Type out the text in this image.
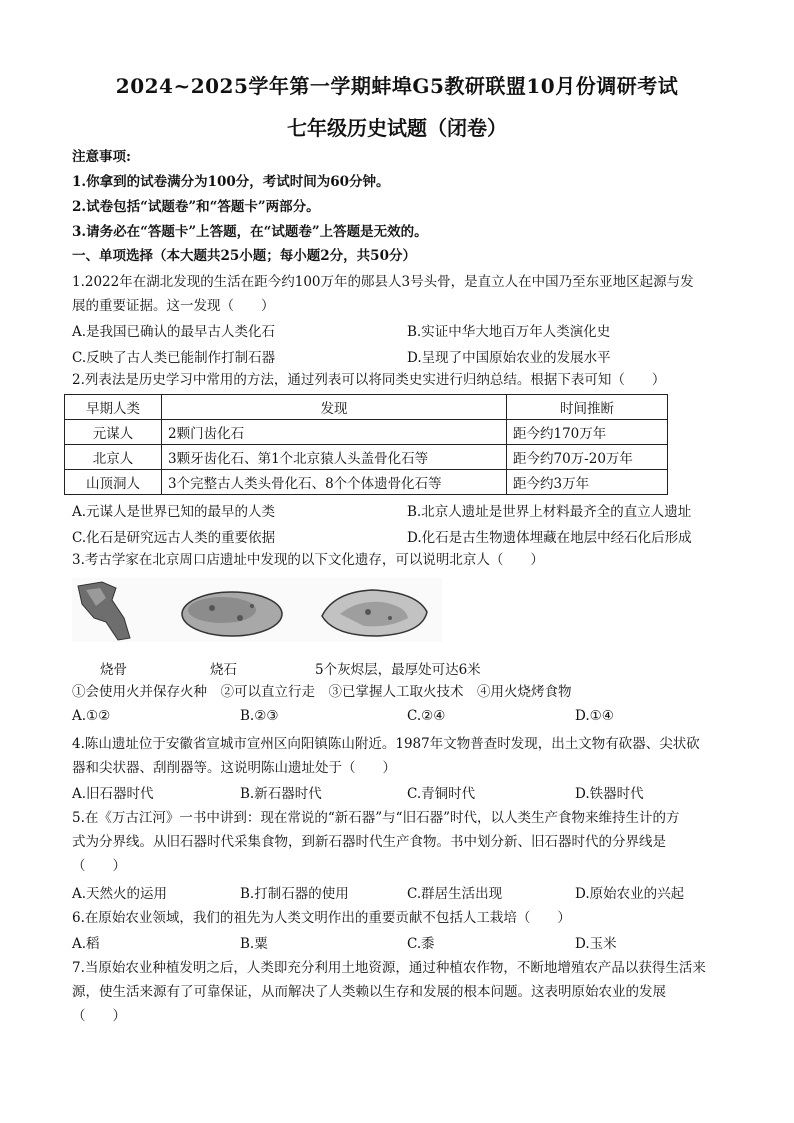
2024~2025学年第一学期蚌埠G5教研联盟10月份调研考试
七年级历史试题（闭卷）
注意事项:
1.你拿到的试卷满分为100分，考试时间为60分钟。
2.试卷包括“试题卷”和“答题卡”两部分。
3.请务必在“答题卡”上答题，在“试题卷”上答题是无效的。
一、单项选择（本大题共25小题；每小题2分，共50分）
1.2022年在湖北发现的生活在距今约100万年的郧县人3号头骨，是直立人在中国乃至东亚地区起源与发
展的重要证据。这一发现（　　）
A.是我国已确认的最早古人类化石	B.实证中华大地百万年人类演化史
C.反映了古人类已能制作打制石器	D.呈现了中国原始农业的发展水平
2.列表法是历史学习中常用的方法，通过列表可以将同类史实进行归纳总结。根据下表可知（　　）
早期人类	发现	时间推断
元谋人	2颗门齿化石	距今约170万年
北京人	3颗牙齿化石、第1个北京猿人头盖骨化石等	距今约70万-20万年
山顶洞人	3个完整古人类头骨化石、8个个体遗骨化石等	距今约3万年
A.元谋人是世界已知的最早的人类	B.北京人遗址是世界上材料最齐全的直立人遗址
C.化石是研究远古人类的重要依据	D.化石是古生物遗体埋藏在地层中经石化后形成
3.考古学家在北京周口店遗址中发现的以下文化遗存，可以说明北京人（　　）
烧骨	烧石	5个灰烬层，最厚处可达6米
①会使用火并保存火种　②可以直立行走　③已掌握人工取火技术　④用火烧烤食物
A.①②	B.②③	C.②④	D.①④
4.陈山遗址位于安徽省宣城市宣州区向阳镇陈山附近。1987年文物普查时发现，出土文物有砍器、尖状砍
器和尖状器、刮削器等。这说明陈山遗址处于（　　）
A.旧石器时代	B.新石器时代	C.青铜时代	D.铁器时代
5.在《万古江河》一书中讲到：现在常说的“新石器”与“旧石器”时代，以人类生产食物来维持生计的方
式为分界线。从旧石器时代采集食物，到新石器时代生产食物。书中划分新、旧石器时代的分界线是
（　　）
A.天然火的运用	B.打制石器的使用	C.群居生活出现	D.原始农业的兴起
6.在原始农业领域，我们的祖先为人类文明作出的重要贡献不包括人工栽培（　　）
A.稻	B.粟	C.黍	D.玉米
7.当原始农业种植发明之后，人类即充分利用土地资源，通过种植农作物，不断地增殖农产品以获得生活来
源，使生活来源有了可靠保证，从而解决了人类赖以生存和发展的根本问题。这表明原始农业的发展
（　　）
